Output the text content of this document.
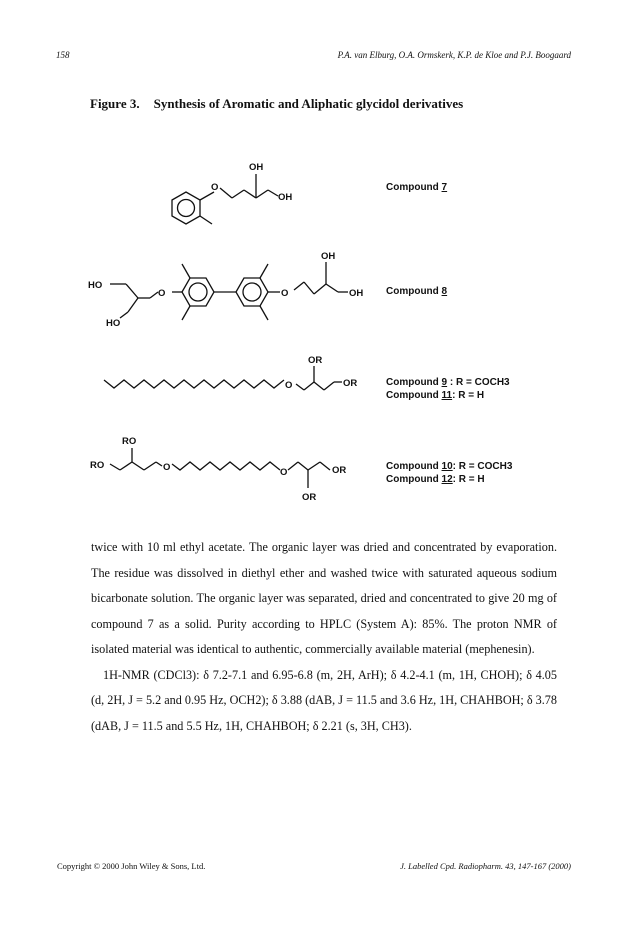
158	P.A. van Elburg, O.A. Ormskerk, K.P. de Kloe and P.J. Boogaard
Figure 3. Synthesis of Aromatic and Aliphatic glycidol derivatives
O
OH
OH
HO
HO
O	O
OH
OH
O
OR
OR
RO
RO	O	O
OR
OR
Compound 7
Compound 8
Compound 9 : R = COCH3
Compound 11: R = H
Compound 10: R = COCH3
Compound 12: R = H

twice with 10 ml ethyl acetate. The organic layer was dried and concentrated by evaporation. The residue was dissolved in diethyl ether and washed twice with saturated aqueous sodium bicarbonate solution. The organic layer was separated, dried and concentrated to give 20 mg of compound 7 as a solid. Purity according to HPLC (System A): 85%. The proton NMR of isolated material was identical to authentic, commercially available material (mephenesin).

1H-NMR (CDCl3): δ 7.2-7.1 and 6.95-6.8 (m, 2H, ArH); δ 4.2-4.1 (m, 1H, CHOH); δ 4.05 (d, 2H, J = 5.2 and 0.95 Hz, OCH2); δ 3.88 (dAB, J = 11.5 and 3.6 Hz, 1H, CHAHBOH; δ 3.78 (dAB, J = 11.5 and 5.5 Hz, 1H, CHAHBOH; δ 2.21 (s, 3H, CH3).

Copyright © 2000 John Wiley & Sons, Ltd.	J. Labelled Cpd. Radiopharm. 43, 147-167 (2000)
